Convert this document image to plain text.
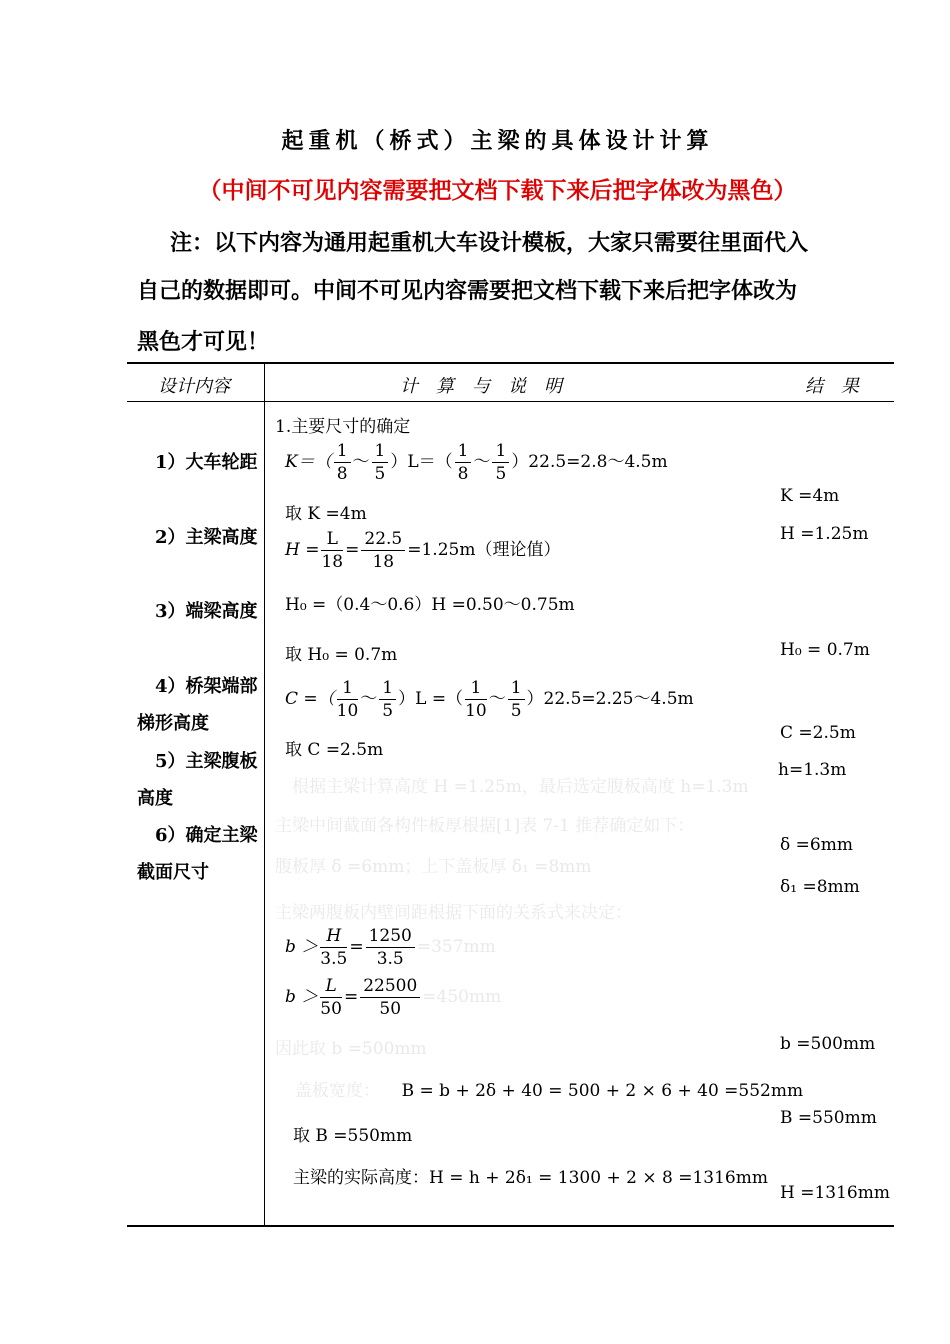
起重机（桥式）主梁的具体设计计算
（中间不可见内容需要把文档下载下来后把字体改为黑色）
注：以下内容为通用起重机大车设计模板，大家只需要往里面代入
自己的数据即可。中间不可见内容需要把文档下载下来后把字体改为
黑色才可见！
设计内容	计　算　与　说　明	结　果
1）大车轮距
2）主梁高度
3）端梁高度
4）桥架端部
梯形高度
5）主梁腹板
高度
6）确定主梁
截面尺寸
1.主要尺寸的确定
$K=( \frac{1}{8}$ ～ $\frac{1}{5} )L=( \frac{1}{8}$ ～ $\frac{1}{5}$ ）22.5=2.8～4.5m
取 K =4m
$H = \frac{L}{18} = \frac{22.5}{18} =1.25m$（理论值）
H₀ =（0.4～0.6）H =0.50～0.75m
取 H₀ = 0.7m
C =（ $\frac{1}{10}$ ～ $\frac{1}{5} )L$ =（ $\frac{1}{10}$ ～ $\frac{1}{5}$ ）22.5=2.25～4.5m
取 C =2.5m
根据主梁计算高度 H =1.25m，最后选定腹板高度 h=1.3m
主梁中间截面各构件板厚根据[1]表 7-1 推荐确定如下：
腹板厚 δ =6mm；上下盖板厚 δ₁ =8mm
主梁两腹板内壁间距根据下面的关系式来决定：
$b > \frac{H}{3.5} = \frac{1250}{3.5} =357mm$
$b > \frac{L}{50} = \frac{22500}{50} =450mm$
因此取 b =500mm
盖板宽度： B = b + 2δ + 40 = 500 + 2 × 6 + 40 =552mm
取 B =550mm
主梁的实际高度：H = h + 2δ₁ = 1300 + 2 × 8 =1316mm
K =4m
H =1.25m
H₀ = 0.7m
C =2.5m
h=1.3m
δ =6mm
δ₁ =8mm
b =500mm
B =550mm
H =1316mm
